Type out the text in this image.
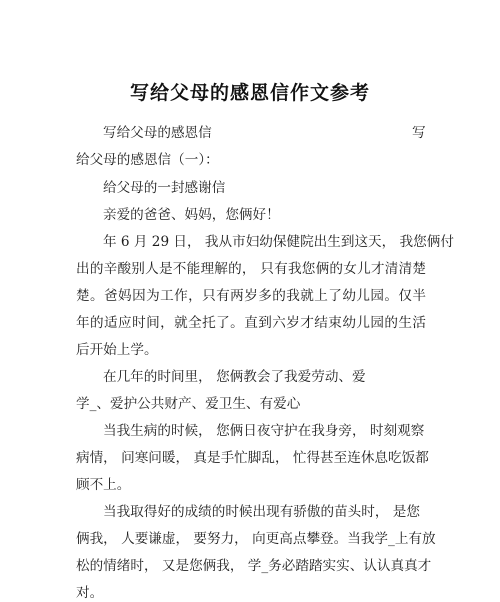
写给父母的感恩信作文参考
写给父母的感恩信	写
给父母的感恩信（一）：
给父母的一封感谢信
亲爱的爸爸、妈妈，您俩好！
年 6 月 29 日， 我从市妇幼保健院出生到这天， 我您俩付
出的辛酸别人是不能理解的， 只有我您俩的女儿才清清楚
楚。爸妈因为工作，只有两岁多的我就上了幼儿园。仅半
年的适应时间，就全托了。直到六岁才结束幼儿园的生活
后开始上学。
在几年的时间里， 您俩教会了我爱劳动、爱
学_、爱护公共财产、爱卫生、有爱心
当我生病的时候， 您俩日夜守护在我身旁， 时刻观察
病情， 问寒问暖， 真是手忙脚乱， 忙得甚至连休息吃饭都
顾不上。
当我取得好的成绩的时候出现有骄傲的苗头时， 是您
俩我， 人要谦虚， 要努力， 向更高点攀登。当我学_上有放
松的情绪时， 又是您俩我， 学_务必踏踏实实、认认真真才
对。
